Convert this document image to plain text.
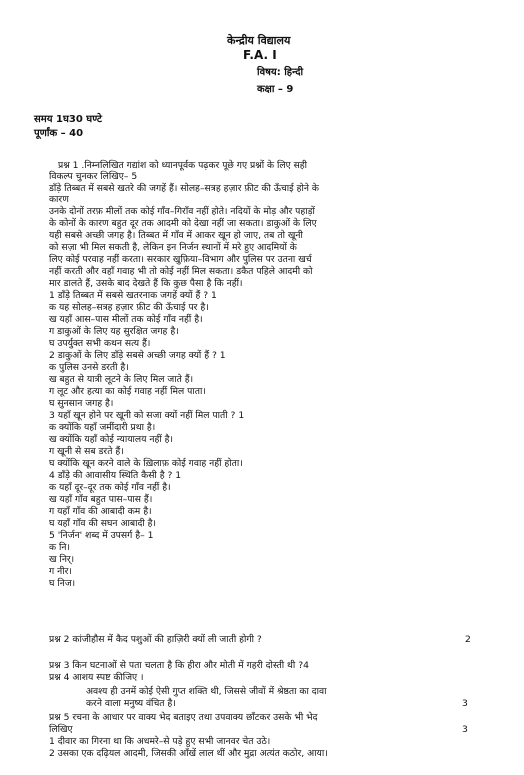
केन्द्रीय विद्यालय
F.A. I
विषय: हिन्दी
कक्षा – 9
समय 1घ30 घण्टे
पूर्णांक – 40
प्रश्न 1 .निम्नलिखित गद्यांश को ध्यानपूर्वक पढ़कर पूछे गए प्रश्नों के लिए सही
विकल्प चुनकर लिखिए– 5
डाँड़े तिब्बत में सबसे खतरे की जगहें हैं। सोलह–सत्रह हज़ार फ़ीट की ऊँचाई होने के
कारण
उनके दोनों तरफ़ मीलों तक कोई गाँव–गिराँव नहीं होते। नदियों के मोड़ और पहाड़ों
के कोनों के कारण बहुत दूर तक आदमी को देखा नहीं जा सकता। डाकुओं के लिए
यही सबसे अच्छी जगह है। तिब्बत में गाँव में आकर खून हो जाए, तब तो खूनी
को सज़ा भी मिल सकती है, लेकिन इन निर्जन स्थानों में मरे हुए आदमियों के
लिए कोई परवाह नहीं करता। सरकार खुफ़िया–विभाग और पुलिस पर उतना खर्च
नहीं करती और वहाँ गवाह भी तो कोई नहीं मिल सकता। डकैत पहिले आदमी को
मार डालते हैं, उसके बाद देखते हैं कि कुछ पैसा है कि नहीं।
1 डाँड़े तिब्बत में सबसे खतरनाक जगहें क्यों हैं ? 1
क यह सोलह–सत्रह हज़ार फ़ीट की ऊँचाई पर है।
ख यहाँ आस–पास मीलों तक कोई गाँव नहीं है।
ग डाकुओं के लिए यह सुरक्षित जगह है।
घ उपर्युक्त सभी कथन सत्य हैं।
2 डाकुओं के लिए डाँड़े सबसे अच्छी जगह क्यों हैं ? 1
क पुलिस उनसे डरती है।
ख बहुत से यात्री लूटने के लिए मिल जाते हैं।
ग लूट और हत्या का कोई गवाह नहीं मिल पाता।
घ सुनसान जगह है।
3 यहाँ खून होने पर खूनी को सजा क्यों नहीं मिल पाती ? 1
क क्योंकि यहाँ जमींदारी प्रथा है।
ख क्योंकि यहाँ कोई न्यायालय नहीं है।
ग खूनी से सब डरते हैं।
घ क्योंकि खून करने वाले के ख़िलाफ़ कोई गवाह नहीं होता।
4 डाँड़े की आवासीय स्थिति कैसी है ? 1
क यहाँ दूर–दूर तक कोई गाँव नहीं है।
ख यहाँ गाँव बहुत पास–पास हैं।
ग यहाँ गाँव की आबादी कम है।
घ यहाँ गाँव की सघन आबादी है।
5 'निर्जन' शब्द में उपसर्ग है– 1
क नि।
ख निर्।
ग नीर।
घ निज।
प्रश्न 2 कांजीहौस में कैद पशुओं की हाज़िरी क्यों ली जाती होगी ?	2
प्रश्न 3 किन घटनाओं से पता चलता है कि हीरा और मोती में गहरी दोस्ती थी ?4
प्रश्न 4 आशय स्पष्ट कीजिए ।
अवश्य ही उनमें कोई ऐसी गुप्त शक्ति थी, जिससे जीवों में श्रेष्ठता का दावा
करने वाला मनुष्य वंचित है।	3
प्रश्न 5 रचना के आधार पर वाक्य भेद बताइए तथा उपवाक्य छाँटकर उसके भी भेद
लिखिए	3
1 दीवार का गिरना था कि अधमरे–से पड़े हुए सभी जानवर चेत उठे।
2 उसका एक दढ़ियल आदमी, जिसकी आँखें लाल थीं और मुद्रा अत्यंत कठोर, आया।
